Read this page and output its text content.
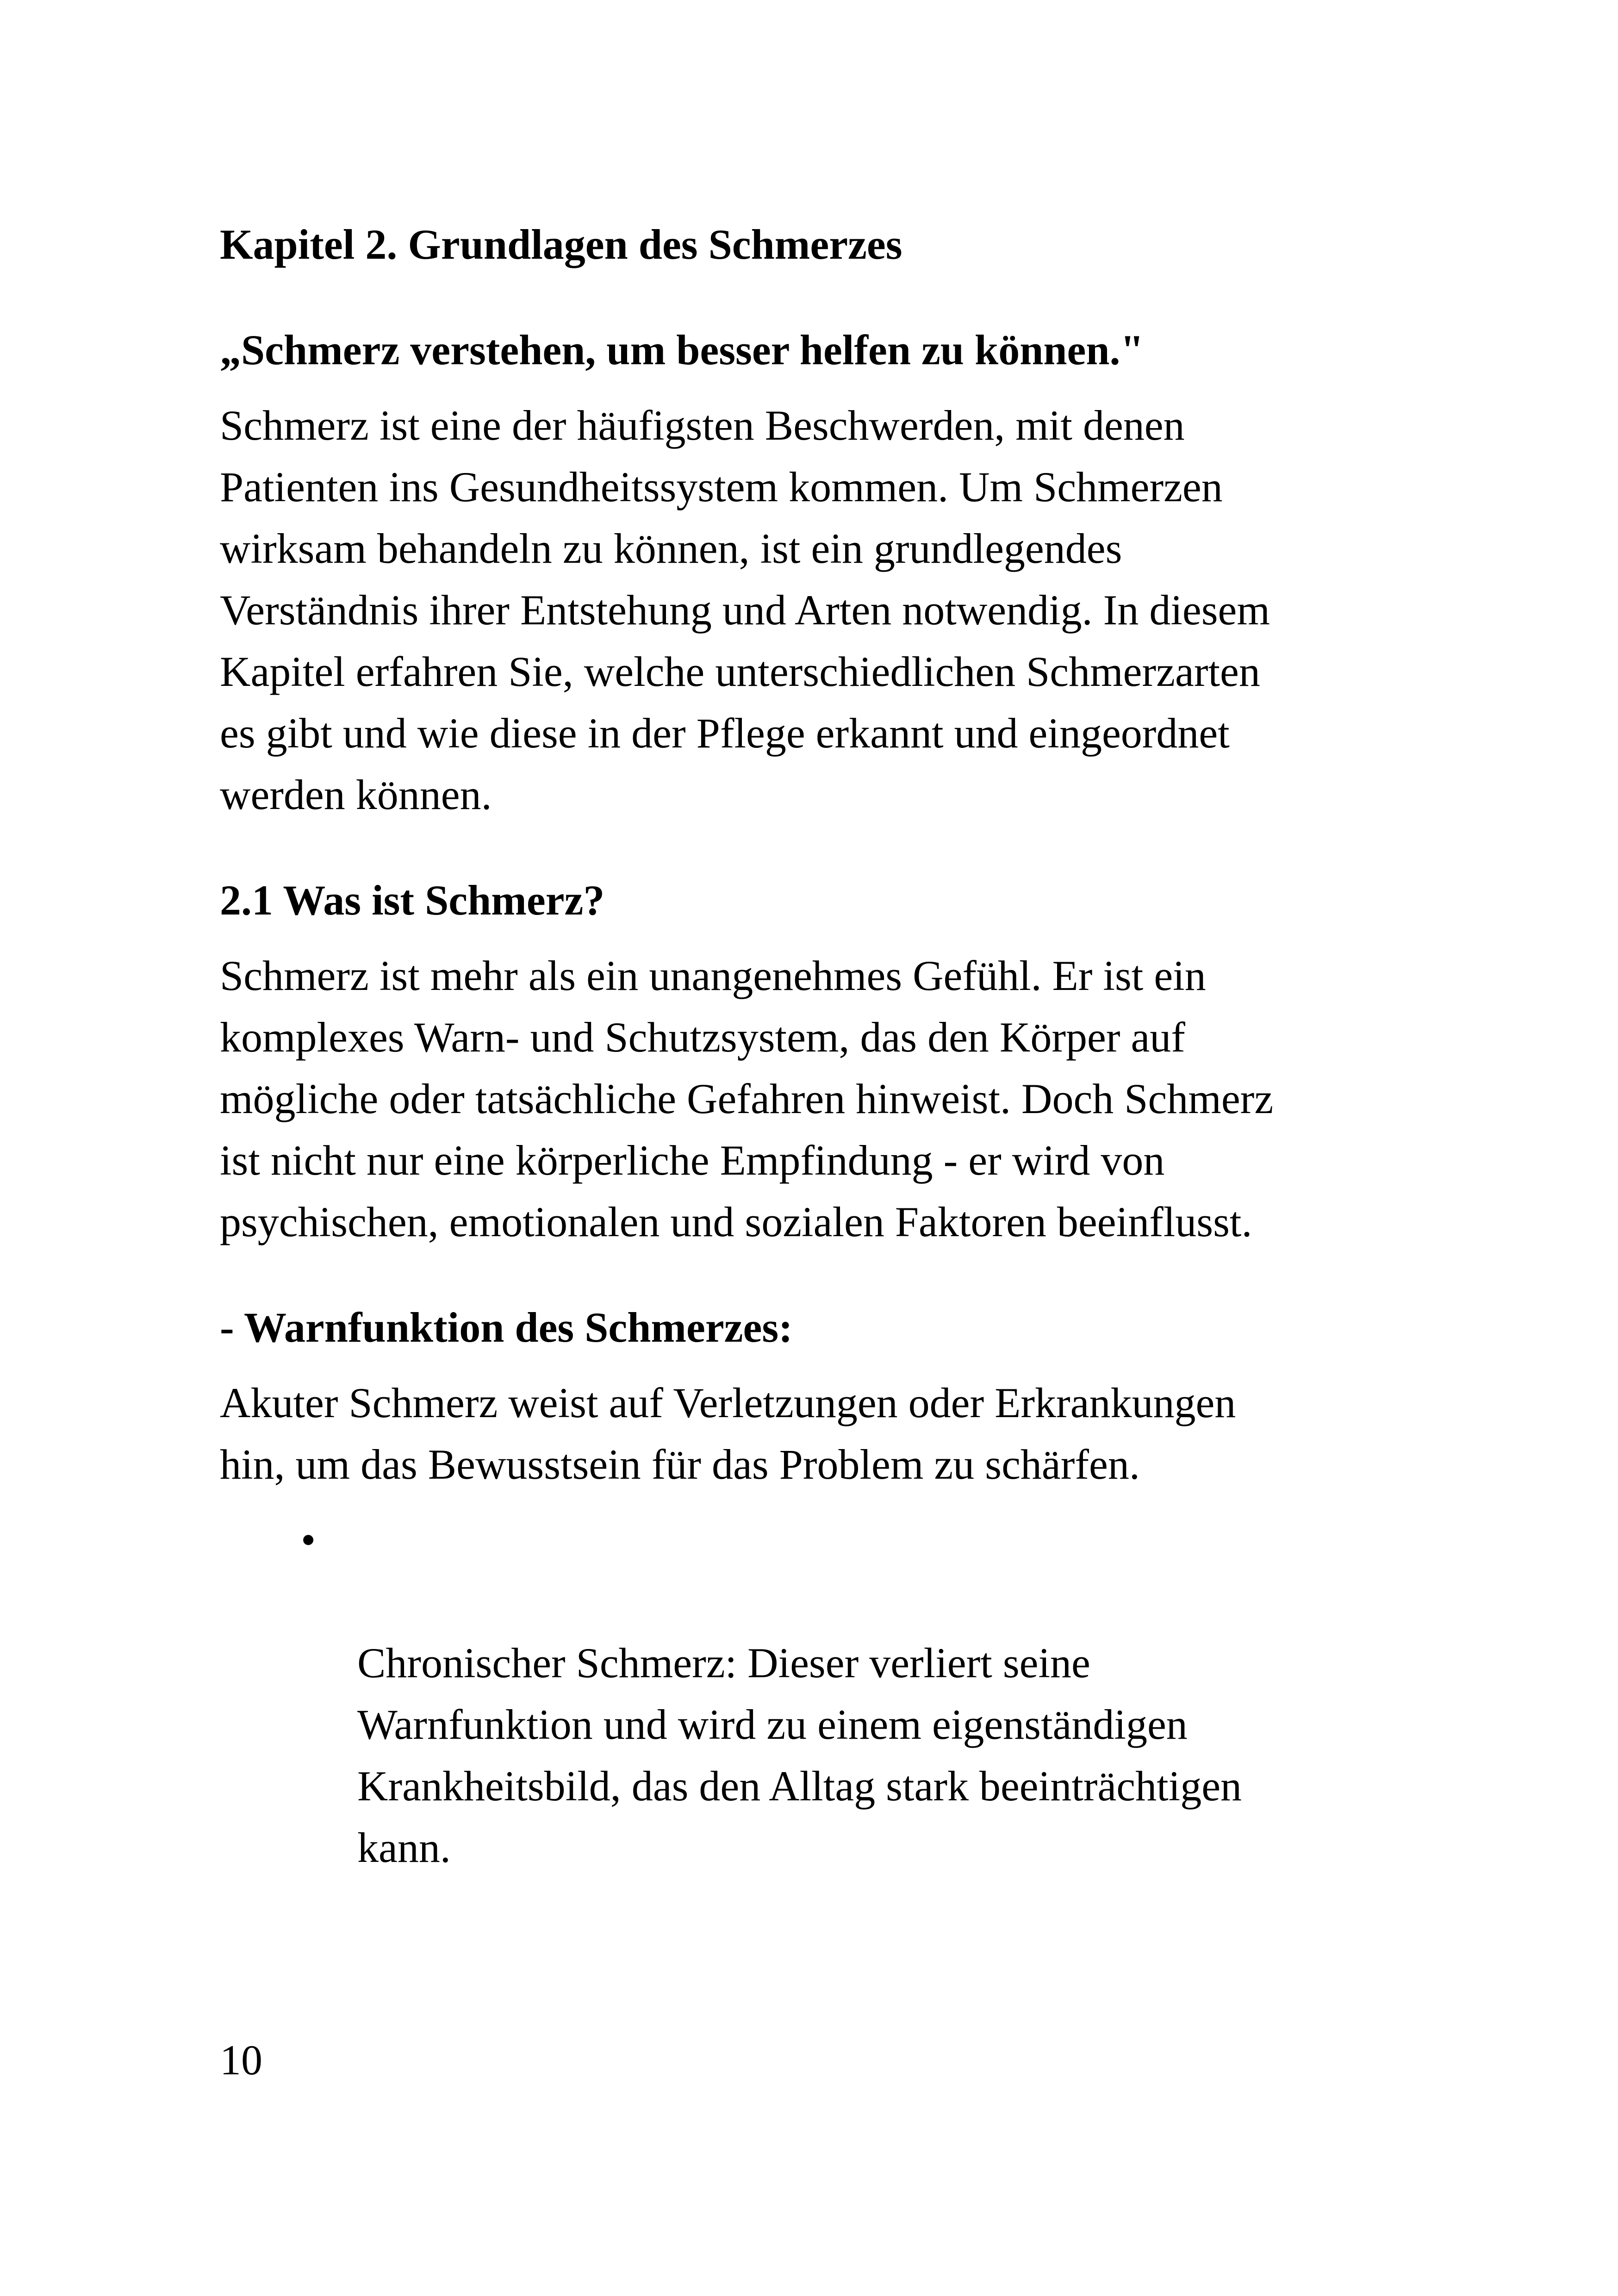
Kapitel 2. Grundlagen des Schmerzes

„Schmerz verstehen, um besser helfen zu können."

Schmerz ist eine der häufigsten Beschwerden, mit denen
Patienten ins Gesundheitssystem kommen. Um Schmerzen
wirksam behandeln zu können, ist ein grundlegendes
Verständnis ihrer Entstehung und Arten notwendig. In diesem
Kapitel erfahren Sie, welche unterschiedlichen Schmerzarten
es gibt und wie diese in der Pflege erkannt und eingeordnet
werden können.

2.1 Was ist Schmerz?

Schmerz ist mehr als ein unangenehmes Gefühl. Er ist ein
komplexes Warn- und Schutzsystem, das den Körper auf
mögliche oder tatsächliche Gefahren hinweist. Doch Schmerz
ist nicht nur eine körperliche Empfindung - er wird von
psychischen, emotionalen und sozialen Faktoren beeinflusst.

- Warnfunktion des Schmerzes:

Akuter Schmerz weist auf Verletzungen oder Erkrankungen
hin, um das Bewusstsein für das Problem zu schärfen.

•

Chronischer Schmerz: Dieser verliert seine
Warnfunktion und wird zu einem eigenständigen
Krankheitsbild, das den Alltag stark beeinträchtigen
kann.

10
